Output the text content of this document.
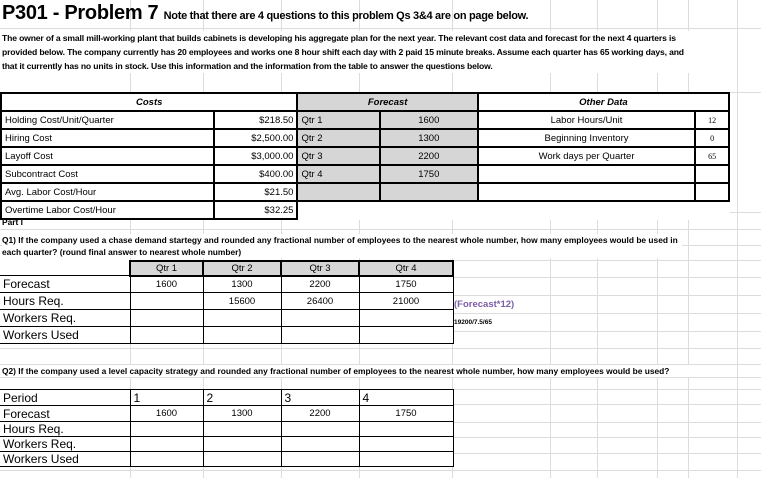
P301 - Problem 7 Note that there are 4 questions to this problem Qs 3&4 are on page below.
The owner of a small mill-working plant that builds cabinets is developing his aggregate plan for the next year. The relevant cost data and forecast for the next 4 quarters is provided below. The company currently has 20 employees and works one 8 hour shift each day with 2 paid 15 minute breaks. Assume each quarter has 65 working days, and that it currently has no units in stock. Use this information and the information from the table to answer the questions below.
Costs		Forecast		Other Data	
Holding Cost/Unit/Quarter	$218.50	Qtr 1	1600	Labor Hours/Unit	12
Hiring Cost	$2,500.00	Qtr 2	1300	Beginning Inventory	0
Layoff Cost	$3,000.00	Qtr 3	2200	Work days per Quarter	65
Subcontract Cost	$400.00	Qtr 4	1750		
Avg. Labor Cost/Hour	$21.50				
Overtime Labor Cost/Hour	$32.25				
Part I
Q1) If the company used a chase demand startegy and rounded any fractional number of employees to the nearest whole number, how many employees would be used in each quarter? (round final answer to nearest whole number)
	Qtr 1	Qtr 2	Qtr 3	Qtr 4
Forecast	1600	1300	2200	1750
Hours Req.		15600	26400	21000
Workers Req.				
Workers Used				
(Forecast*12)
19200/7.5/65
Q2) If the company used a level capacity strategy and rounded any fractional number of employees to the nearest whole number, how many employees would be used?
Period	1	2	3	4
Forecast	1600	1300	2200	1750
Hours Req.				
Workers Req.				
Workers Used				
